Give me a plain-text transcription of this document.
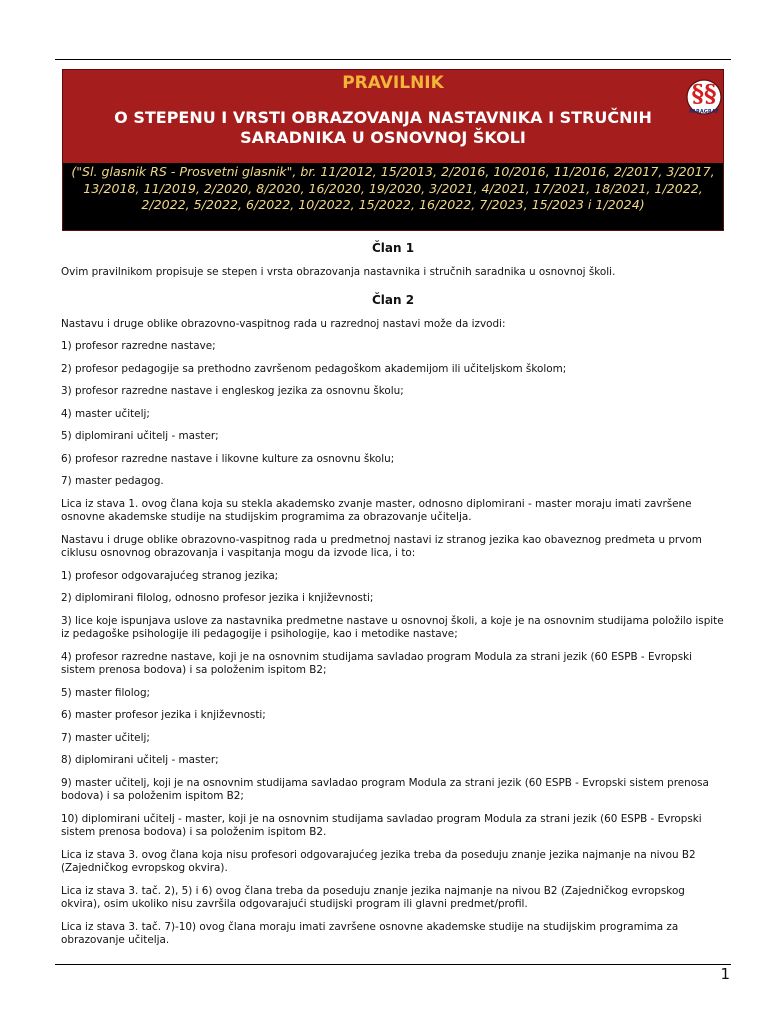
PRAVILNIK
O STEPENU I VRSTI OBRAZOVANJA NASTAVNIKA I STRUČNIH SARADNIKA U OSNOVNOJ ŠKOLI
§§
PARAGRAF
("Sl. glasnik RS - Prosvetni glasnik", br. 11/2012, 15/2013, 2/2016, 10/2016, 11/2016, 2/2017, 3/2017, 13/2018, 11/2019, 2/2020, 8/2020, 16/2020, 19/2020, 3/2021, 4/2021, 17/2021, 18/2021, 1/2022, 2/2022, 5/2022, 6/2022, 10/2022, 15/2022, 16/2022, 7/2023, 15/2023 i 1/2024)

Član 1

Ovim pravilnikom propisuje se stepen i vrsta obrazovanja nastavnika i stručnih saradnika u osnovnoj školi.

Član 2

Nastavu i druge oblike obrazovno-vaspitnog rada u razrednoj nastavi može da izvodi:

1) profesor razredne nastave;

2) profesor pedagogije sa prethodno završenom pedagoškom akademijom ili učiteljskom školom;

3) profesor razredne nastave i engleskog jezika za osnovnu školu;

4) master učitelj;

5) diplomirani učitelj - master;

6) profesor razredne nastave i likovne kulture za osnovnu školu;

7) master pedagog.

Lica iz stava 1. ovog člana koja su stekla akademsko zvanje master, odnosno diplomirani - master moraju imati završene osnovne akademske studije na studijskim programima za obrazovanje učitelja.

Nastavu i druge oblike obrazovno-vaspitnog rada u predmetnoj nastavi iz stranog jezika kao obaveznog predmeta u prvom ciklusu osnovnog obrazovanja i vaspitanja mogu da izvode lica, i to:

1) profesor odgovarajućeg stranog jezika;

2) diplomirani filolog, odnosno profesor jezika i književnosti;

3) lice koje ispunjava uslove za nastavnika predmetne nastave u osnovnoj školi, a koje je na osnovnim studijama položilo ispite iz pedagoške psihologije ili pedagogije i psihologije, kao i metodike nastave;

4) profesor razredne nastave, koji je na osnovnim studijama savladao program Modula za strani jezik (60 ESPB - Evropski sistem prenosa bodova) i sa položenim ispitom B2;

5) master filolog;

6) master profesor jezika i književnosti;

7) master učitelj;

8) diplomirani učitelj - master;

9) master učitelj, koji je na osnovnim studijama savladao program Modula za strani jezik (60 ESPB - Evropski sistem prenosa bodova) i sa položenim ispitom B2;

10) diplomirani učitelj - master, koji je na osnovnim studijama savladao program Modula za strani jezik (60 ESPB - Evropski sistem prenosa bodova) i sa položenim ispitom B2.

Lica iz stava 3. ovog člana koja nisu profesori odgovarajućeg jezika treba da poseduju znanje jezika najmanje na nivou B2 (Zajedničkog evropskog okvira).

Lica iz stava 3. tač. 2), 5) i 6) ovog člana treba da poseduju znanje jezika najmanje na nivou B2 (Zajedničkog evropskog okvira), osim ukoliko nisu završila odgovarajući studijski program ili glavni predmet/profil.

Lica iz stava 3. tač. 7)-10) ovog člana moraju imati završene osnovne akademske studije na studijskim programima za obrazovanje učitelja.

1
